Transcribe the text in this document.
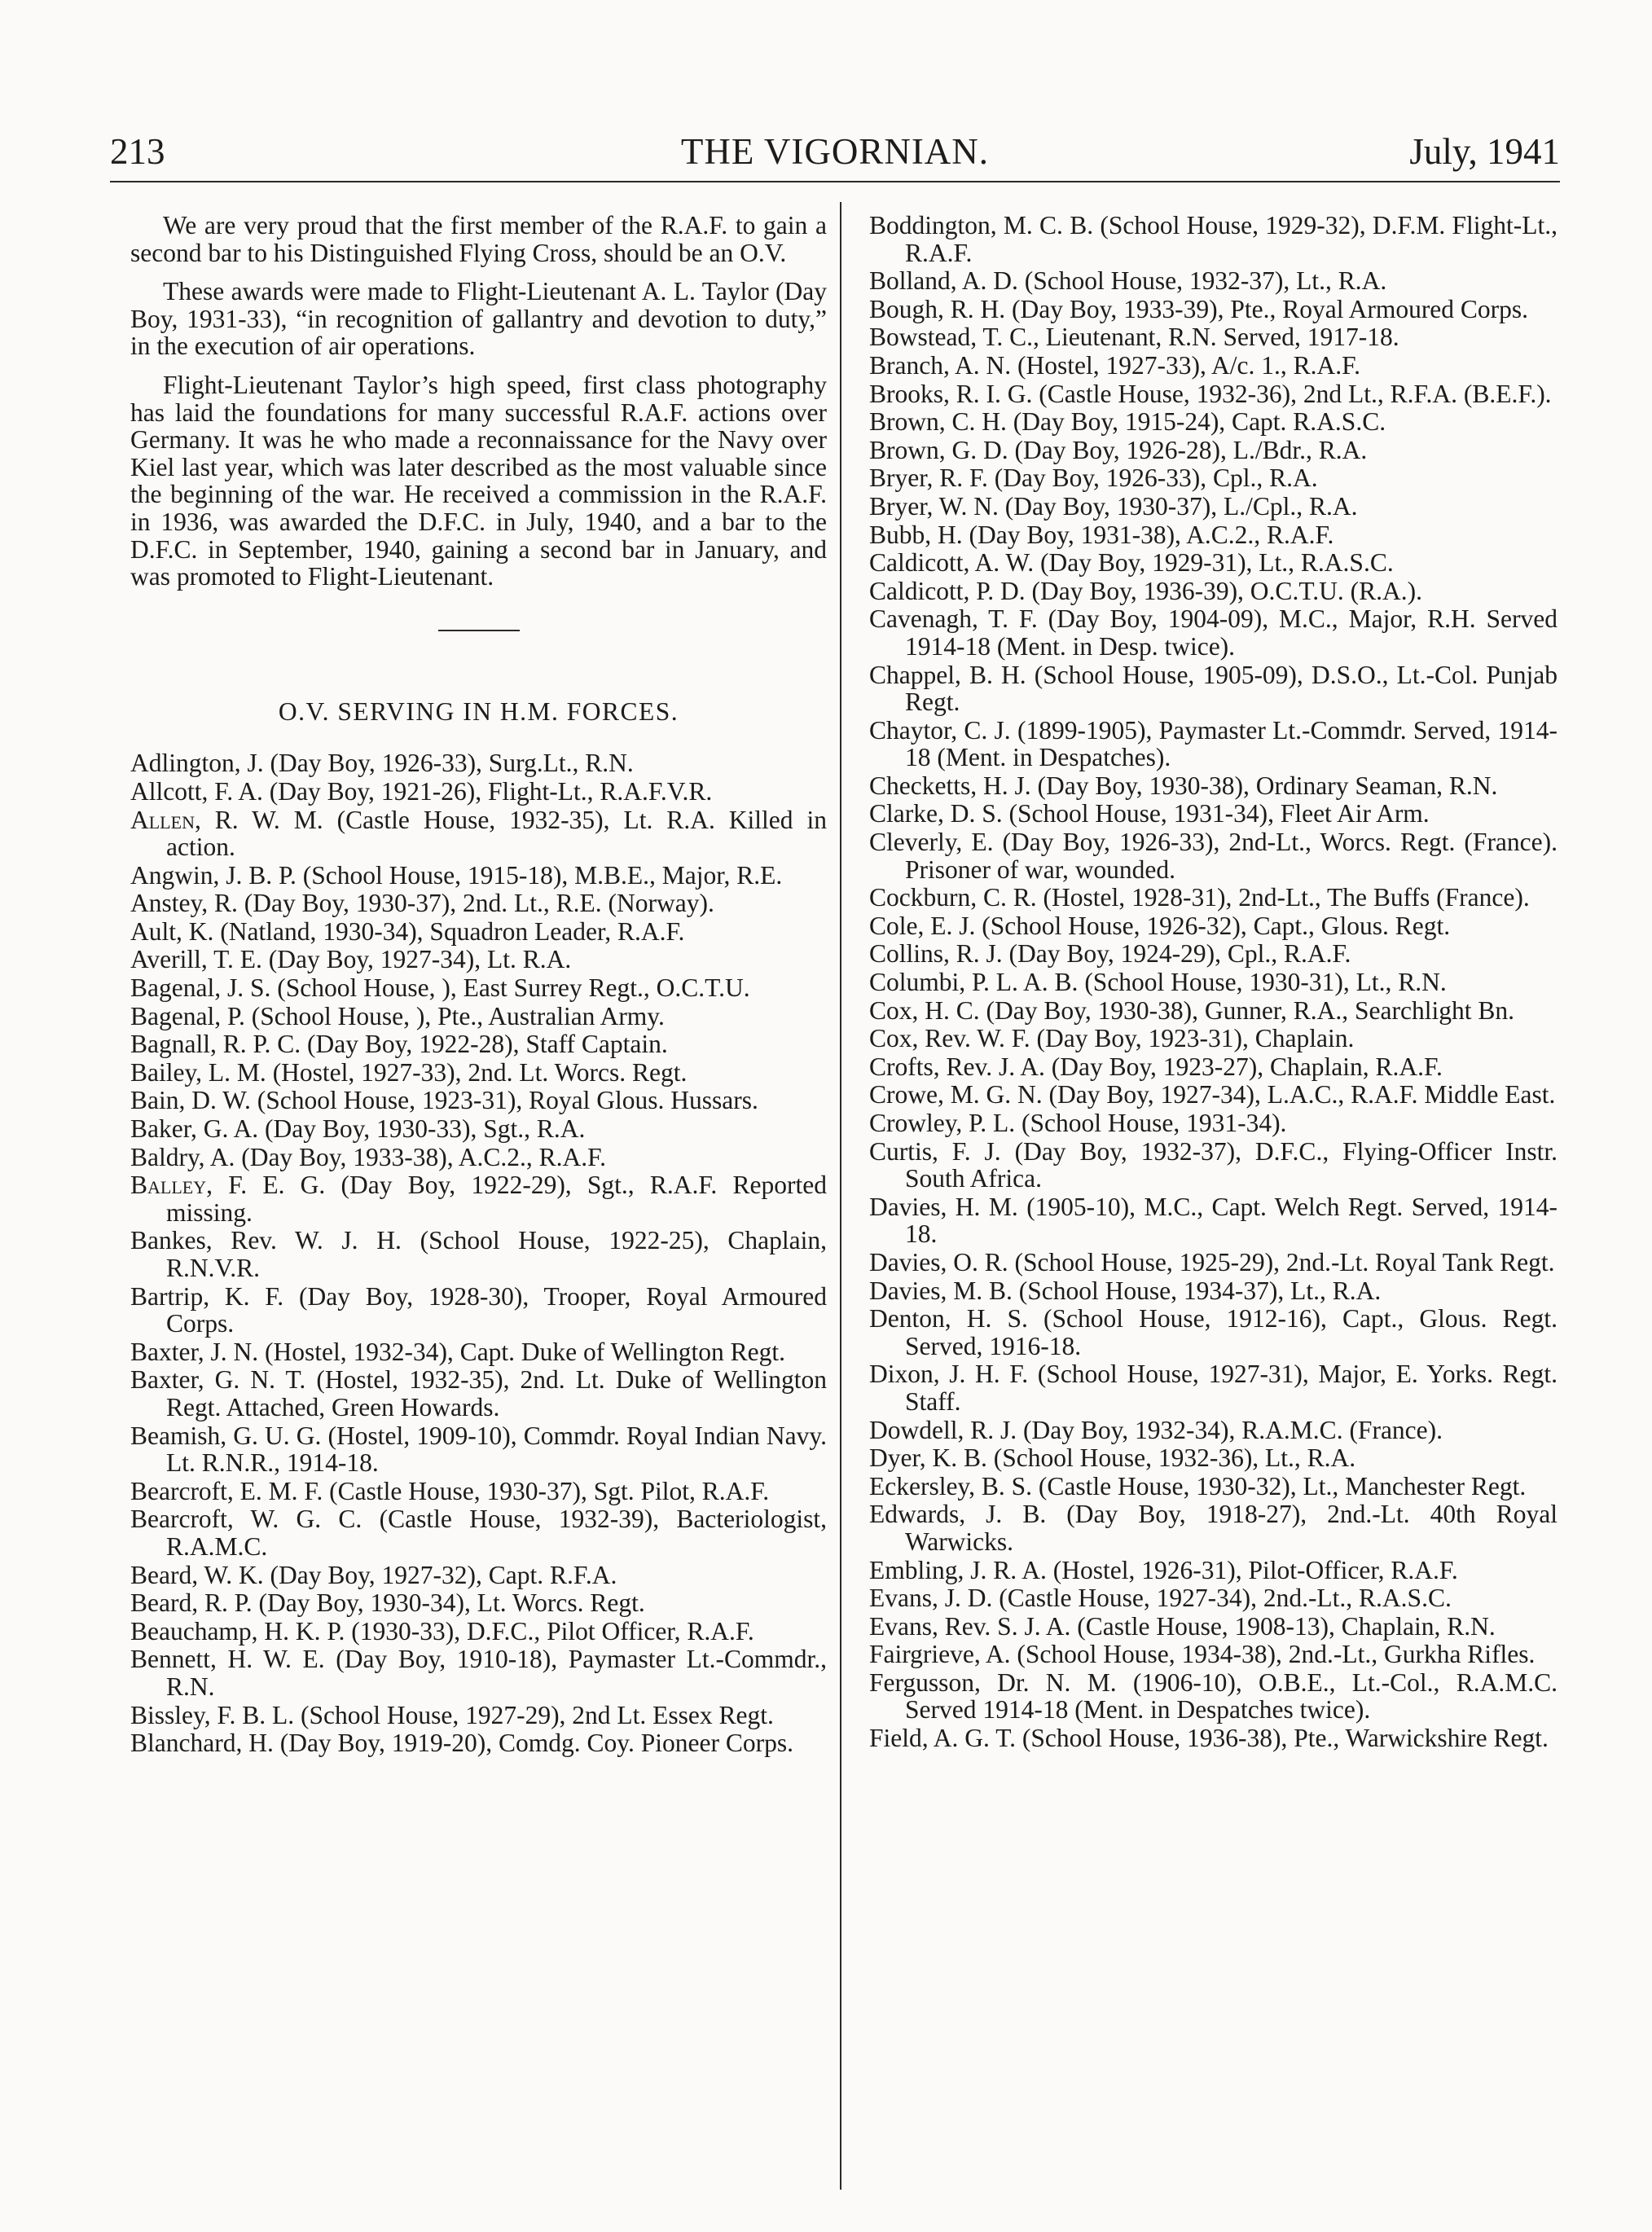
213	THE VIGORNIAN.	July, 1941

We are very proud that the first member of the R.A.F. to gain a second bar to his Distinguished Flying Cross, should be an O.V.

These awards were made to Flight-Lieutenant A. L. Taylor (Day Boy, 1931-33), “in recognition of gallantry and devotion to duty,” in the execution of air operations.

Flight-Lieutenant Taylor’s high speed, first class photography has laid the foundations for many successful R.A.F. actions over Germany. It was he who made a reconnaissance for the Navy over Kiel last year, which was later described as the most valuable since the beginning of the war. He received a commission in the R.A.F. in 1936, was awarded the D.F.C. in July, 1940, and a bar to the D.F.C. in September, 1940, gaining a second bar in January, and was promoted to Flight-Lieutenant.

O.V. SERVING IN H.M. FORCES.
Adlington, J. (Day Boy, 1926-33), Surg.Lt., R.N.
Allcott, F. A. (Day Boy, 1921-26), Flight-Lt., R.A.F.V.R.
Allen, R. W. M. (Castle House, 1932-35), Lt. R.A. Killed in action.
Angwin, J. B. P. (School House, 1915-18), M.B.E., Major, R.E.
Anstey, R. (Day Boy, 1930-37), 2nd. Lt., R.E. (Norway).
Ault, K. (Natland, 1930-34), Squadron Leader, R.A.F.
Averill, T. E. (Day Boy, 1927-34), Lt. R.A.
Bagenal, J. S. (School House, ), East Surrey Regt., O.C.T.U.
Bagenal, P. (School House, ), Pte., Australian Army.
Bagnall, R. P. C. (Day Boy, 1922-28), Staff Captain.
Bailey, L. M. (Hostel, 1927-33), 2nd. Lt. Worcs. Regt.
Bain, D. W. (School House, 1923-31), Royal Glous. Hussars.
Baker, G. A. (Day Boy, 1930-33), Sgt., R.A.
Baldry, A. (Day Boy, 1933-38), A.C.2., R.A.F.
Balley, F. E. G. (Day Boy, 1922-29), Sgt., R.A.F. Reported missing.
Bankes, Rev. W. J. H. (School House, 1922-25), Chaplain, R.N.V.R.
Bartrip, K. F. (Day Boy, 1928-30), Trooper, Royal Armoured Corps.
Baxter, J. N. (Hostel, 1932-34), Capt. Duke of Wellington Regt.
Baxter, G. N. T. (Hostel, 1932-35), 2nd. Lt. Duke of Wellington Regt. Attached, Green Howards.
Beamish, G. U. G. (Hostel, 1909-10), Commdr. Royal Indian Navy. Lt. R.N.R., 1914-18.
Bearcroft, E. M. F. (Castle House, 1930-37), Sgt. Pilot, R.A.F.
Bearcroft, W. G. C. (Castle House, 1932-39), Bacteriologist, R.A.M.C.
Beard, W. K. (Day Boy, 1927-32), Capt. R.F.A.
Beard, R. P. (Day Boy, 1930-34), Lt. Worcs. Regt.
Beauchamp, H. K. P. (1930-33), D.F.C., Pilot Officer, R.A.F.
Bennett, H. W. E. (Day Boy, 1910-18), Paymaster Lt.-Commdr., R.N.
Bissley, F. B. L. (School House, 1927-29), 2nd Lt. Essex Regt.
Blanchard, H. (Day Boy, 1919-20), Comdg. Coy. Pioneer Corps.
Boddington, M. C. B. (School House, 1929-32), D.F.M. Flight-Lt., R.A.F.
Bolland, A. D. (School House, 1932-37), Lt., R.A.
Bough, R. H. (Day Boy, 1933-39), Pte., Royal Armoured Corps.
Bowstead, T. C., Lieutenant, R.N. Served, 1917-18.
Branch, A. N. (Hostel, 1927-33), A/c. 1., R.A.F.
Brooks, R. I. G. (Castle House, 1932-36), 2nd Lt., R.F.A. (B.E.F.).
Brown, C. H. (Day Boy, 1915-24), Capt. R.A.S.C.
Brown, G. D. (Day Boy, 1926-28), L./Bdr., R.A.
Bryer, R. F. (Day Boy, 1926-33), Cpl., R.A.
Bryer, W. N. (Day Boy, 1930-37), L./Cpl., R.A.
Bubb, H. (Day Boy, 1931-38), A.C.2., R.A.F.
Caldicott, A. W. (Day Boy, 1929-31), Lt., R.A.S.C.
Caldicott, P. D. (Day Boy, 1936-39), O.C.T.U. (R.A.).
Cavenagh, T. F. (Day Boy, 1904-09), M.C., Major, R.H. Served 1914-18 (Ment. in Desp. twice).
Chappel, B. H. (School House, 1905-09), D.S.O., Lt.-Col. Punjab Regt.
Chaytor, C. J. (1899-1905), Paymaster Lt.-Commdr. Served, 1914-18 (Ment. in Despatches).
Checketts, H. J. (Day Boy, 1930-38), Ordinary Seaman, R.N.
Clarke, D. S. (School House, 1931-34), Fleet Air Arm.
Cleverly, E. (Day Boy, 1926-33), 2nd-Lt., Worcs. Regt. (France). Prisoner of war, wounded.
Cockburn, C. R. (Hostel, 1928-31), 2nd-Lt., The Buffs (France).
Cole, E. J. (School House, 1926-32), Capt., Glous. Regt.
Collins, R. J. (Day Boy, 1924-29), Cpl., R.A.F.
Columbi, P. L. A. B. (School House, 1930-31), Lt., R.N.
Cox, H. C. (Day Boy, 1930-38), Gunner, R.A., Searchlight Bn.
Cox, Rev. W. F. (Day Boy, 1923-31), Chaplain.
Crofts, Rev. J. A. (Day Boy, 1923-27), Chaplain, R.A.F.
Crowe, M. G. N. (Day Boy, 1927-34), L.A.C., R.A.F. Middle East.
Crowley, P. L. (School House, 1931-34).
Curtis, F. J. (Day Boy, 1932-37), D.F.C., Flying-Officer Instr. South Africa.
Davies, H. M. (1905-10), M.C., Capt. Welch Regt. Served, 1914-18.
Davies, O. R. (School House, 1925-29), 2nd.-Lt. Royal Tank Regt.
Davies, M. B. (School House, 1934-37), Lt., R.A.
Denton, H. S. (School House, 1912-16), Capt., Glous. Regt. Served, 1916-18.
Dixon, J. H. F. (School House, 1927-31), Major, E. Yorks. Regt. Staff.
Dowdell, R. J. (Day Boy, 1932-34), R.A.M.C. (France).
Dyer, K. B. (School House, 1932-36), Lt., R.A.
Eckersley, B. S. (Castle House, 1930-32), Lt., Manchester Regt.
Edwards, J. B. (Day Boy, 1918-27), 2nd.-Lt. 40th Royal Warwicks.
Embling, J. R. A. (Hostel, 1926-31), Pilot-Officer, R.A.F.
Evans, J. D. (Castle House, 1927-34), 2nd.-Lt., R.A.S.C.
Evans, Rev. S. J. A. (Castle House, 1908-13), Chaplain, R.N.
Fairgrieve, A. (School House, 1934-38), 2nd.-Lt., Gurkha Rifles.
Fergusson, Dr. N. M. (1906-10), O.B.E., Lt.-Col., R.A.M.C. Served 1914-18 (Ment. in Despatches twice).
Field, A. G. T. (School House, 1936-38), Pte., Warwickshire Regt.
